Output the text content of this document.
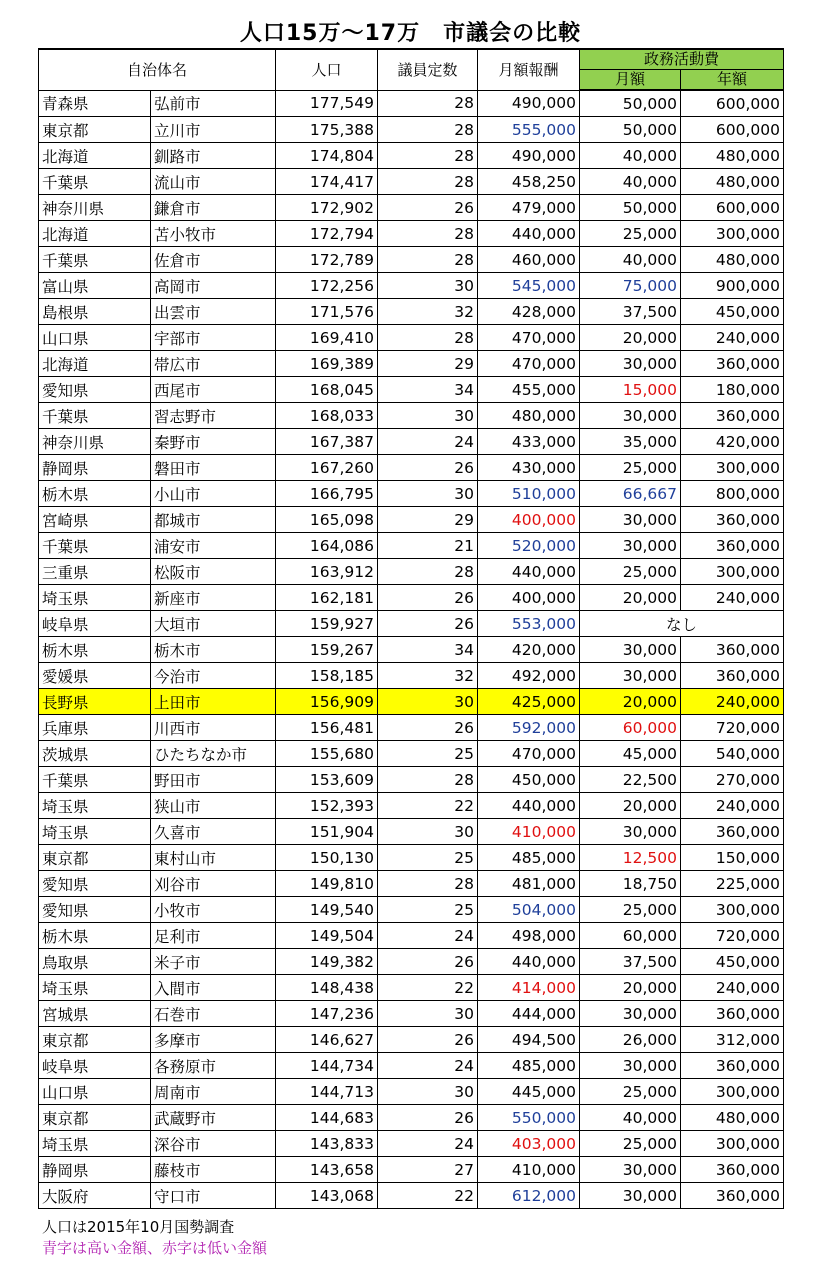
人口15万～17万　市議会の比較
自治体名		人口	議員定数	月額報酬	政務活動費	
					月額	年額
青森県	弘前市	177,549	28	490,000	50,000	600,000
東京都	立川市	175,388	28	555,000	50,000	600,000
北海道	釧路市	174,804	28	490,000	40,000	480,000
千葉県	流山市	174,417	28	458,250	40,000	480,000
神奈川県	鎌倉市	172,902	26	479,000	50,000	600,000
北海道	苫小牧市	172,794	28	440,000	25,000	300,000
千葉県	佐倉市	172,789	28	460,000	40,000	480,000
富山県	高岡市	172,256	30	545,000	75,000	900,000
島根県	出雲市	171,576	32	428,000	37,500	450,000
山口県	宇部市	169,410	28	470,000	20,000	240,000
北海道	帯広市	169,389	29	470,000	30,000	360,000
愛知県	西尾市	168,045	34	455,000	15,000	180,000
千葉県	習志野市	168,033	30	480,000	30,000	360,000
神奈川県	秦野市	167,387	24	433,000	35,000	420,000
静岡県	磐田市	167,260	26	430,000	25,000	300,000
栃木県	小山市	166,795	30	510,000	66,667	800,000
宮崎県	都城市	165,098	29	400,000	30,000	360,000
千葉県	浦安市	164,086	21	520,000	30,000	360,000
三重県	松阪市	163,912	28	440,000	25,000	300,000
埼玉県	新座市	162,181	26	400,000	20,000	240,000
岐阜県	大垣市	159,927	26	553,000	なし	
栃木県	栃木市	159,267	34	420,000	30,000	360,000
愛媛県	今治市	158,185	32	492,000	30,000	360,000
長野県	上田市	156,909	30	425,000	20,000	240,000
兵庫県	川西市	156,481	26	592,000	60,000	720,000
茨城県	ひたちなか市	155,680	25	470,000	45,000	540,000
千葉県	野田市	153,609	28	450,000	22,500	270,000
埼玉県	狭山市	152,393	22	440,000	20,000	240,000
埼玉県	久喜市	151,904	30	410,000	30,000	360,000
東京都	東村山市	150,130	25	485,000	12,500	150,000
愛知県	刈谷市	149,810	28	481,000	18,750	225,000
愛知県	小牧市	149,540	25	504,000	25,000	300,000
栃木県	足利市	149,504	24	498,000	60,000	720,000
鳥取県	米子市	149,382	26	440,000	37,500	450,000
埼玉県	入間市	148,438	22	414,000	20,000	240,000
宮城県	石巻市	147,236	30	444,000	30,000	360,000
東京都	多摩市	146,627	26	494,500	26,000	312,000
岐阜県	各務原市	144,734	24	485,000	30,000	360,000
山口県	周南市	144,713	30	445,000	25,000	300,000
東京都	武蔵野市	144,683	26	550,000	40,000	480,000
埼玉県	深谷市	143,833	24	403,000	25,000	300,000
静岡県	藤枝市	143,658	27	410,000	30,000	360,000
大阪府	守口市	143,068	22	612,000	30,000	360,000
人口は2015年10月国勢調査
青字は高い金額、赤字は低い金額
